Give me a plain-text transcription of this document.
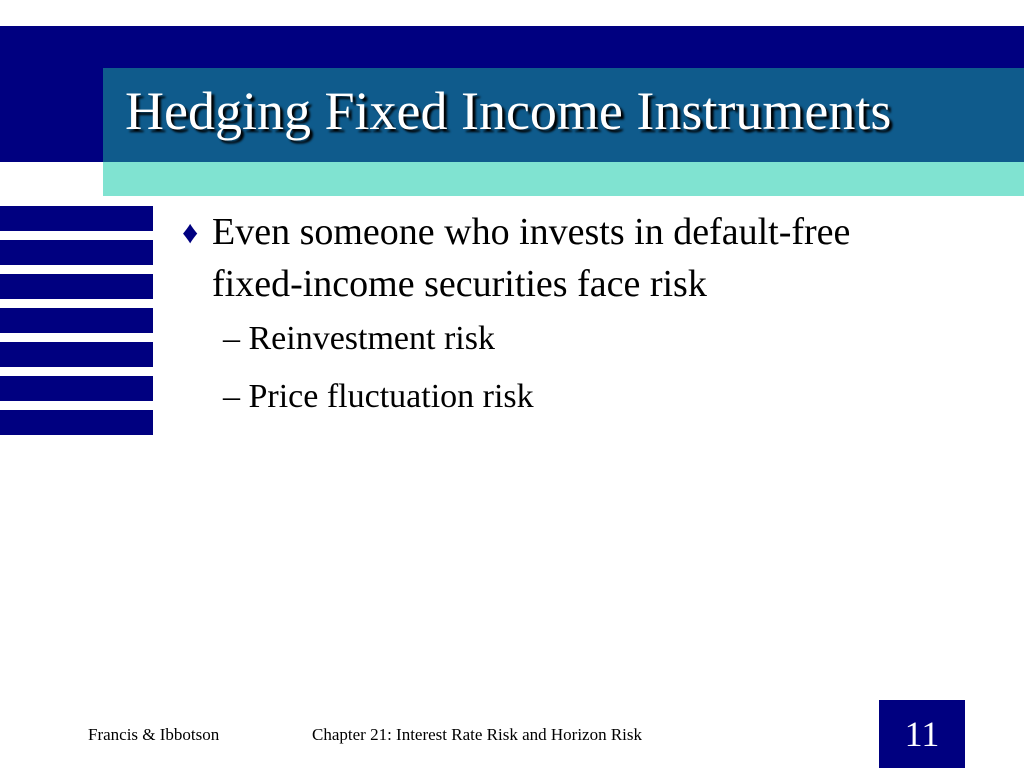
Hedging Fixed Income Instruments
♦ Even someone who invests in default-free fixed-income securities face risk
– Reinvestment risk
– Price fluctuation risk
Francis & Ibbotson	Chapter 21: Interest Rate Risk and Horizon Risk	11
